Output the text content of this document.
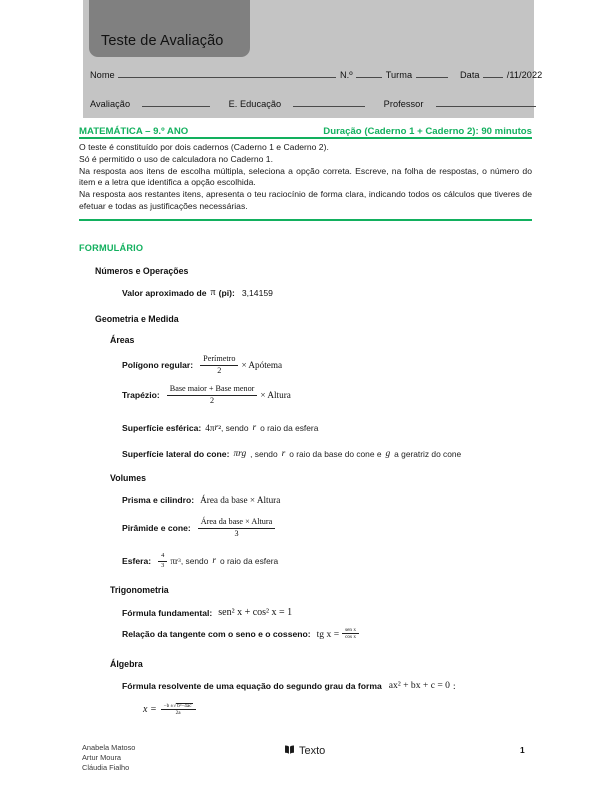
Teste de Avaliação
Nome	N.º	Turma	Data	/11/2022
Avaliação	E. Educação	Professor
MATEMÁTICA – 9.º ANO	Duração (Caderno 1 + Caderno 2): 90 minutos

O teste é constituído por dois cadernos (Caderno 1 e Caderno 2).

Só é permitido o uso de calculadora no Caderno 1.

Na resposta aos itens de escolha múltipla, seleciona a opção correta. Escreve, na folha de respostas, o número do item e a letra que identifica a opção escolhida.

Na resposta aos restantes itens, apresenta o teu raciocínio de forma clara, indicando todos os cálculos que tiveres de efetuar e todas as justificações necessárias.

FORMULÁRIO
Números e Operações
Valor aproximado de π (pi): 3,14159
Geometria e Medida
Áreas
Polígono regular: $\frac{\text{Perímetro}}{2}$ × Apótema
Trapézio: $\frac{\text{Base maior + Base menor}}{2}$ × Altura
Superfície esférica: 4π r 2 , sendo r o raio da esfera
Superfície lateral do cone: πrg , sendo r o raio da base do cone e g a geratriz do cone
Volumes
Prisma e cilindro: Área da base × Altura
Pirâmide e cone: $\frac{\text{Área da base × Altura}}{3}$
Esfera: $\frac{4}{3}$ πr 3 , sendo r o raio da esfera
Trigonometria
Fórmula fundamental: sen² x + cos² x = 1
Relação da tangente com o seno e o cosseno: tg $x = \frac{\text{sen x}}{\text{cos x}}$
Álgebra
Fórmula resolvente de uma equação do segundo grau da forma ax² + bx + c = 0 :
$x = \frac{\text{−b ±√b²−4ac}}{2a}$
Anabela Matoso
Artur Moura
Cláudia Fialho
Texto	1
